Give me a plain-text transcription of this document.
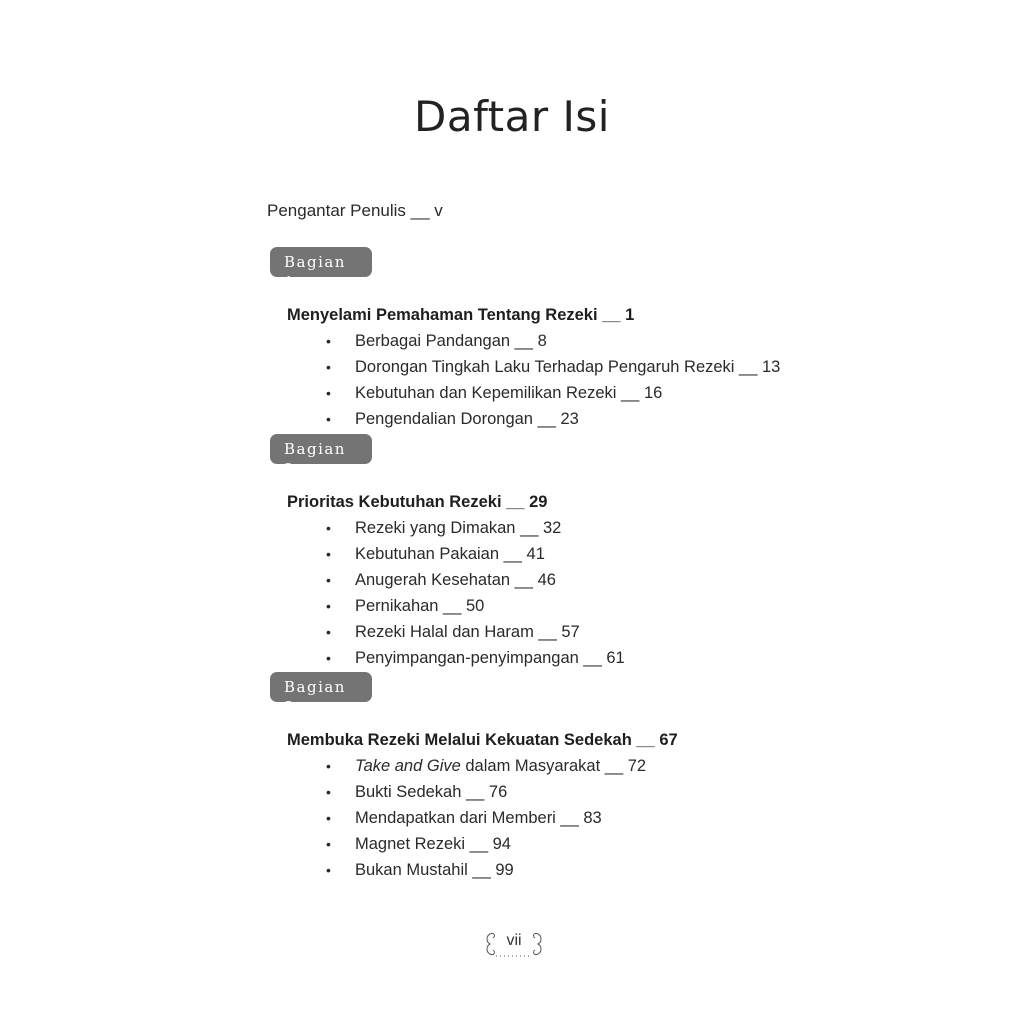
Daftar Isi
Pengantar Penulis __ v
Bagian 1
Menyelami Pemahaman Tentang Rezeki __ 1
• Berbagai Pandangan __ 8
• Dorongan Tingkah Laku Terhadap Pengaruh Rezeki __ 13
• Kebutuhan dan Kepemilikan Rezeki __ 16
• Pengendalian Dorongan __ 23
Bagian 2
Prioritas Kebutuhan Rezeki __ 29
• Rezeki yang Dimakan __ 32
• Kebutuhan Pakaian __ 41
• Anugerah Kesehatan __ 46
• Pernikahan __ 50
• Rezeki Halal dan Haram __ 57
• Penyimpangan-penyimpangan __ 61
Bagian 3
Membuka Rezeki Melalui Kekuatan Sedekah __ 67
• Take and Give dalam Masyarakat __ 72
• Bukti Sedekah __ 76
• Mendapatkan dari Memberi __ 83
• Magnet Rezeki __ 94
• Bukan Mustahil __ 99
vii
